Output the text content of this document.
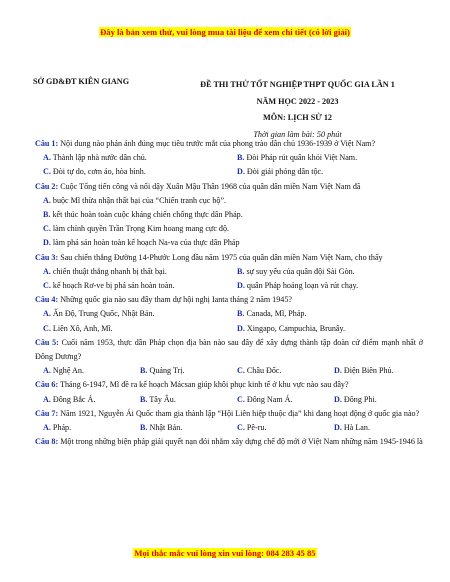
Đây là bản xem thử, vui lòng mua tài liệu để xem chi tiết (có lời giải)
SỞ GD&ĐT KIÊN GIANG	ĐỀ THI THỬ TỐT NGHIỆP THPT QUỐC GIA LẦN 1
NĂM HỌC 2022 - 2023
MÔN: LỊCH SỬ 12
Thời gian làm bài: 50 phút
Câu 1: Nội dung nào phản ánh đúng mục tiêu trước mắt của phong trào dân chủ 1936-1939 ở Việt Nam?
A. Thành lập nhà nước dân chủ.	B. Đòi Pháp rút quân khỏi Việt Nam.
C. Đòi tự do, cơm áo, hòa bình.	D. Đòi giải phóng dân tộc.
Câu 2: Cuộc Tổng tiến công và nổi dậy Xuân Mậu Thân 1968 của quân dân miền Nam Việt Nam đã
A. buộc Mĩ thừa nhận thất bại của “Chiến tranh cục bộ”.
B. kết thúc hoàn toàn cuộc kháng chiến chống thực dân Pháp.
C. làm chính quyền Trần Trọng Kim hoang mang cực độ.
D. làm phá sản hoàn toàn kế hoạch Na-va của thực dân Pháp
Câu 3: Sau chiến thắng Đường 14-Phước Long đầu năm 1975 của quân dân miền Nam Việt Nam, cho thấy
A. chiến thuật thắng nhanh bị thất bại.	B. sự suy yếu của quân đội Sài Gòn.
C. kế hoạch Rơ-ve bị phá sản hoàn toàn.	D. quân Pháp hoảng loạn và rút chạy.
Câu 4: Những quốc gia nào sau đây tham dự hội nghị Ianta tháng 2 năm 1945?
A. Ấn Độ, Trung Quốc, Nhật Bản.	B. Canada, Mĩ, Pháp.
C. Liên Xô, Anh, Mĩ.	D. Xingapo, Campuchia, Brunây.
Câu 5: Cuối năm 1953, thực dân Pháp chọn địa bàn nào sau đây để xây dựng thành tập đoàn cứ điểm mạnh nhất ở Đông Dương?
A. Nghệ An.	B. Quảng Trị.	C. Châu Đốc.	D. Điện Biên Phủ.
Câu 6: Tháng 6-1947, Mĩ đề ra kế hoạch Mácsan giúp khôi phục kinh tế ở khu vực nào sau đây?
A. Đông Bắc Á.	B. Tây Âu.	C. Đông Nam Á.	D. Đông Phi.
Câu 7: Năm 1921, Nguyễn Ái Quốc tham gia thành lập “Hội Liên hiệp thuộc địa” khi đang hoạt động ở quốc gia nào?
A. Pháp.	B. Nhật Bản.	C. Pê-ru.	D. Hà Lan.
Câu 8: Một trong những biện pháp giải quyết nạn đói nhằm xây dựng chế độ mới ở Việt Nam những năm 1945-1946 là
Mọi thắc mắc vui lòng xin vui lòng: 084 283 45 85
